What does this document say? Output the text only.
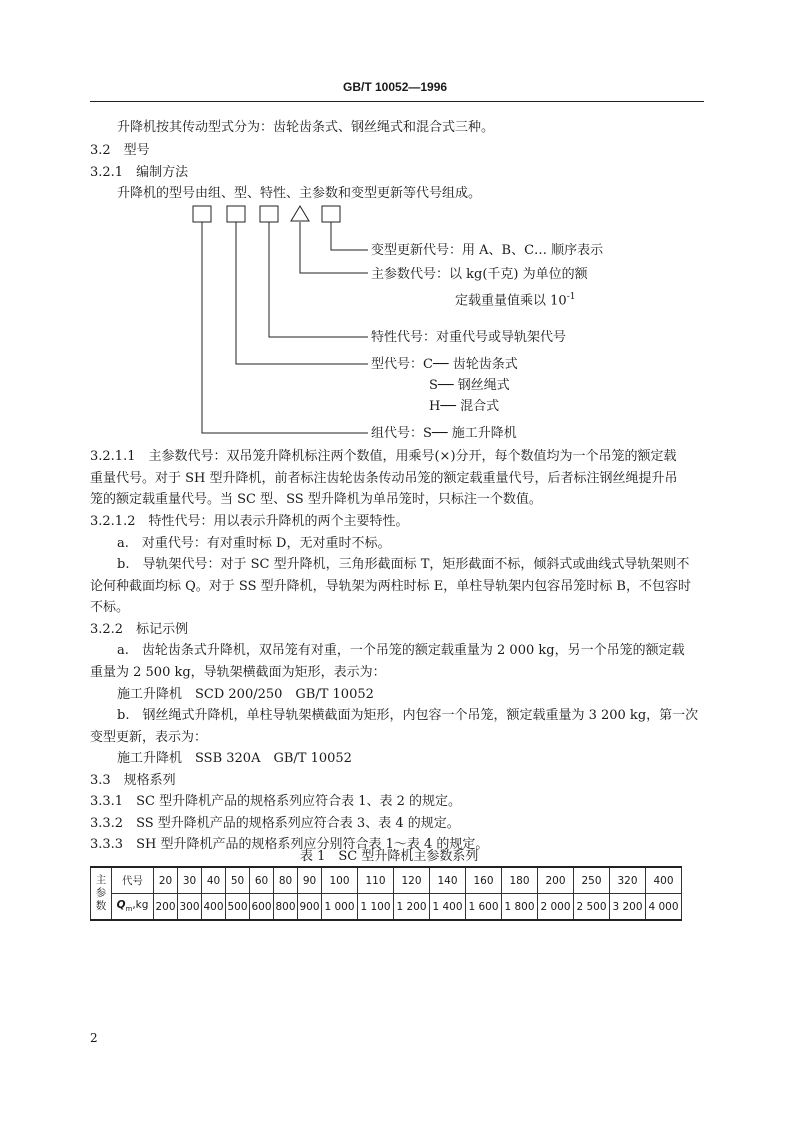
GB/T 10052—1996
升降机按其传动型式分为：齿轮齿条式、钢丝绳式和混合式三种。
3.2　型号
3.2.1　编制方法
升降机的型号由组、型、特性、主参数和变型更新等代号组成。
变型更新代号：用 A、B、C… 顺序表示
主参数代号：以 kg(千克) 为单位的额
定载重量值乘以 $10^{-1}$
特性代号：对重代号或导轨架代号
型代号：C── 齿轮齿条式
S── 钢丝绳式
H── 混合式
组代号：S── 施工升降机
3.2.1.1　主参数代号：双吊笼升降机标注两个数值，用乘号(×)分开，每个数值均为一个吊笼的额定载
重量代号。对于 SH 型升降机，前者标注齿轮齿条传动吊笼的额定载重量代号，后者标注钢丝绳提升吊
笼的额定载重量代号。当 SC 型、SS 型升降机为单吊笼时，只标注一个数值。
3.2.1.2　特性代号：用以表示升降机的两个主要特性。
a.　对重代号：有对重时标 D，无对重时不标。
b.　导轨架代号：对于 SC 型升降机，三角形截面标 T，矩形截面不标，倾斜式或曲线式导轨架则不
论何种截面均标 Q。对于 SS 型升降机，导轨架为两柱时标 E，单柱导轨架内包容吊笼时标 B，不包容时
不标。
3.2.2　标记示例
a.　齿轮齿条式升降机，双吊笼有对重，一个吊笼的额定载重量为 2 000 kg，另一个吊笼的额定载
重量为 2 500 kg，导轨架横截面为矩形，表示为：
施工升降机　SCD 200/250　GB/T 10052
b.　钢丝绳式升降机，单柱导轨架横截面为矩形，内包容一个吊笼，额定载重量为 3 200 kg，第一次
变型更新，表示为：
施工升降机　SSB 320A　GB/T 10052
3.3　规格系列
3.3.1　SC 型升降机产品的规格系列应符合表 1、表 2 的规定。
3.3.2　SS 型升降机产品的规格系列应符合表 3、表 4 的规定。
3.3.3　SH 型升降机产品的规格系列应分别符合表 1～表 4 的规定。
表 1　SC 型升降机主参数系列
主
参
数	代号	20	30	40	50	60	80	90	100	110	120	140	160	180	200	250	320	400
	$Q_m,kg$	200	300	400	500	600	800	900	1 000	1 100	1 200	1 400	1 600	1 800	2 000	2 500	3 200	4 000
2
